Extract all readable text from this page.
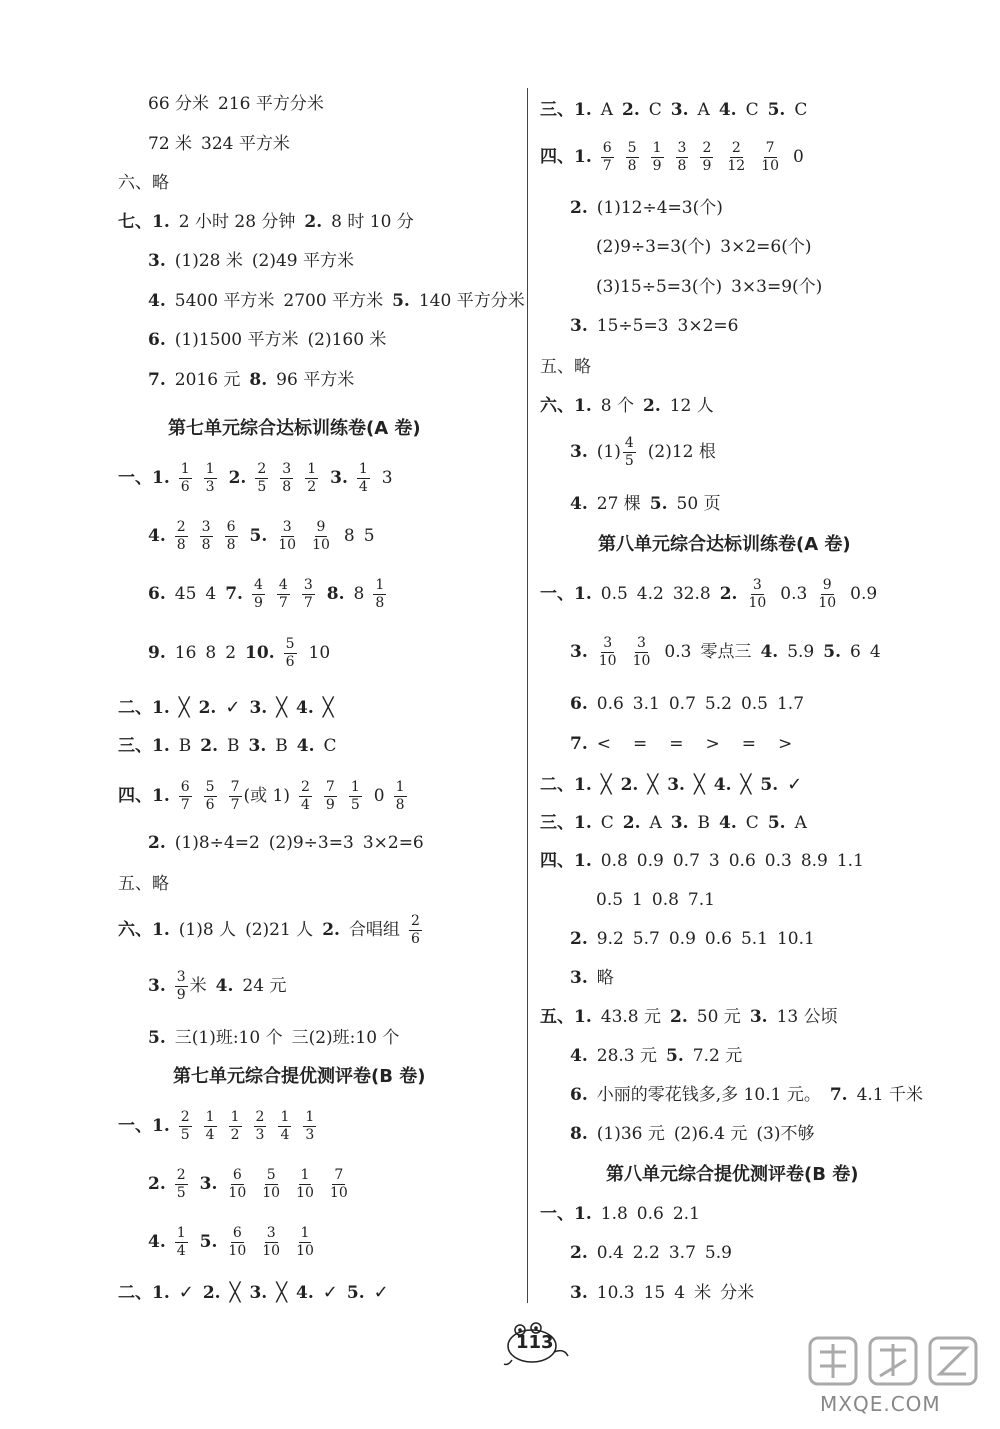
66 分米 216 平方分米
72 米 324 平方米
六、略
七、1. 2 小时 28 分钟 2. 8 时 10 分
3. (1)28 米 (2)49 平方米
4. 5400 平方米 2700 平方米 5. 140 平方分米
6. (1)1500 平方米 (2)160 米
7. 2016 元 8. 96 平方米
第七单元综合达标训练卷(A 卷)
一、1. $\frac{1}{6} \frac{1}{3} 2$. $\frac{2}{5} \frac{3}{8} \frac{1}{2} 3$. $\frac{1}{4} 3$
4. $\frac{2}{8} \frac{3}{8} \frac{6}{8} 5$. $\frac{3}{10} \frac{9}{10} 8$ 5
6. 45 4 7. $\frac{4}{9} \frac{4}{7} \frac{3}{7} 8$. $8 \frac{1}{8}$
9. 16 8 2 10. $\frac{5}{6} 10$
二、1. ╳ 2. ✓ 3. ╳ 4. ╳
三、1. B 2. B 3. B 4. C
四、1. $\frac{6}{7} \frac{5}{6} \frac{7}{7}$ (或 $1) \frac{2}{4} \frac{7}{9} \frac{1}{5} 0 \frac{1}{8}$
2. (1)8÷4=2 (2)9÷3=3 3×2=6
五、略
六、1. (1)8 人 (2)21 人 2. 合唱组 $\frac{2}{6}$
3. $\frac{3}{9}$ 米 4. 24 元
5. 三(1)班:10 个 三(2)班:10 个
第七单元综合提优测评卷(B 卷)
一、1. $\frac{2}{5} \frac{1}{4} \frac{1}{2} \frac{2}{3} \frac{1}{4} \frac{1}{3}$
2. $\frac{2}{5} 3$. $\frac{6}{10} \frac{5}{10} \frac{1}{10} \frac{7}{10}$
4. $\frac{1}{4} 5$. $\frac{6}{10} \frac{3}{10} \frac{1}{10}$
二、1. ✓ 2. ╳ 3. ╳ 4. ✓ 5. ✓
三、1. A 2. C 3. A 4. C 5. C
四、1. $\frac{6}{7} \frac{5}{8} \frac{1}{9} \frac{3}{8} \frac{2}{9} \frac{2}{12} \frac{7}{10} 0$
2. (1)12÷4=3(个)
(2)9÷3=3(个) 3×2=6(个)
(3)15÷5=3(个) 3×3=9(个)
3. 15÷5=3 3×2=6
五、略
六、1. 8 个 2. 12 人
3. $(1) \frac{4}{5} (2)12$ 根
4. 27 棵 5. 50 页
第八单元综合达标训练卷(A 卷)
一、1. 0.5 4.2 32.8 2. $\frac{3}{10} 0.3 \frac{9}{10} 0.9$
3. $\frac{3}{10} \frac{3}{10} 0.3$ 零点三 4. 5.9 5. 6 4
6. 0.6 3.1 0.7 5.2 0.5 1.7
7. < = = > = >
二、1. ╳ 2. ╳ 3. ╳ 4. ╳ 5. ✓
三、1. C 2. A 3. B 4. C 5. A
四、1. 0.8 0.9 0.7 3 0.6 0.3 8.9 1.1
0.5 1 0.8 7.1
2. 9.2 5.7 0.9 0.6 5.1 10.1
3. 略
五、1. 43.8 元 2. 50 元 3. 13 公顷
4. 28.3 元 5. 7.2 元
6. 小丽的零花钱多,多 10.1 元。 7. 4.1 千米
8. (1)36 元 (2)6.4 元 (3)不够
第八单元综合提优测评卷(B 卷)
一、1. 1.8 0.6 2.1
2. 0.4 2.2 3.7 5.9
3. 10.3 15 4 米 分米
113
MXQE.COM
